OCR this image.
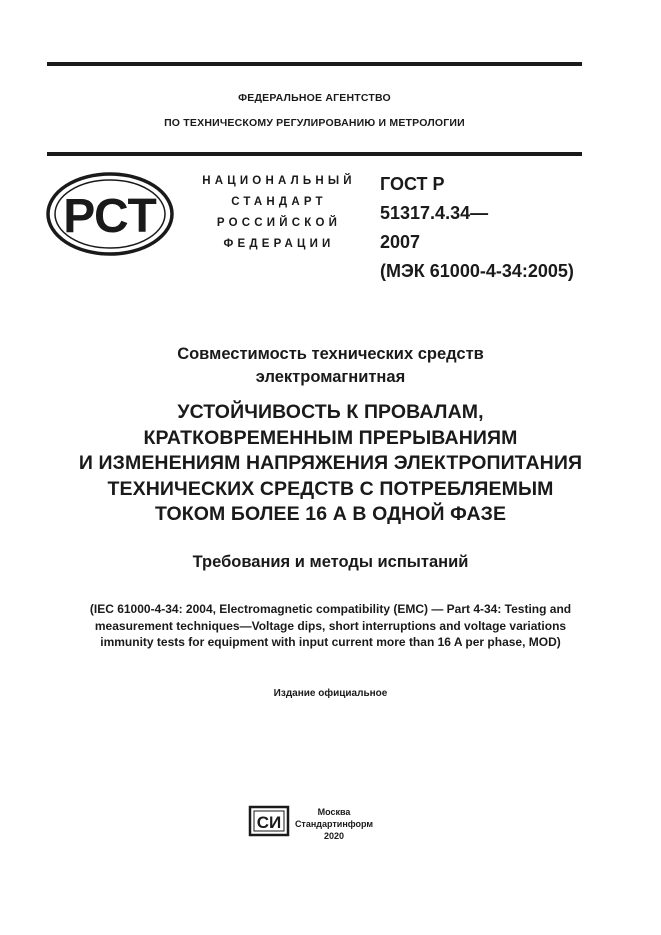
ФЕДЕРАЛЬНОЕ АГЕНТСТВО
ПО ТЕХНИЧЕСКОМУ РЕГУЛИРОВАНИЮ И МЕТРОЛОГИИ
РСТ
НАЦИОНАЛЬНЫЙ
СТАНДАРТ
РОССИЙСКОЙ
ФЕДЕРАЦИИ
ГОСТ Р
51317.4.34—
2007
(МЭК 61000-4-34:2005)
Совместимость технических средств
электромагнитная
УСТОЙЧИВОСТЬ К ПРОВАЛАМ,
КРАТКОВРЕМЕННЫМ ПРЕРЫВАНИЯМ
И ИЗМЕНЕНИЯМ НАПРЯЖЕНИЯ ЭЛЕКТРОПИТАНИЯ
ТЕХНИЧЕСКИХ СРЕДСТВ С ПОТРЕБЛЯЕМЫМ
ТОКОМ БОЛЕЕ 16 А В ОДНОЙ ФАЗЕ
Требования и методы испытаний
(IEC 61000-4-34: 2004, Electromagnetic compatibility (EMC) — Part 4-34: Testing and
measurement techniques—Voltage dips, short interruptions and voltage variations
immunity tests for equipment with input current more than 16 A per phase, MOD)
Издание официальное
СИ
Москва
Стандартинформ
2020
